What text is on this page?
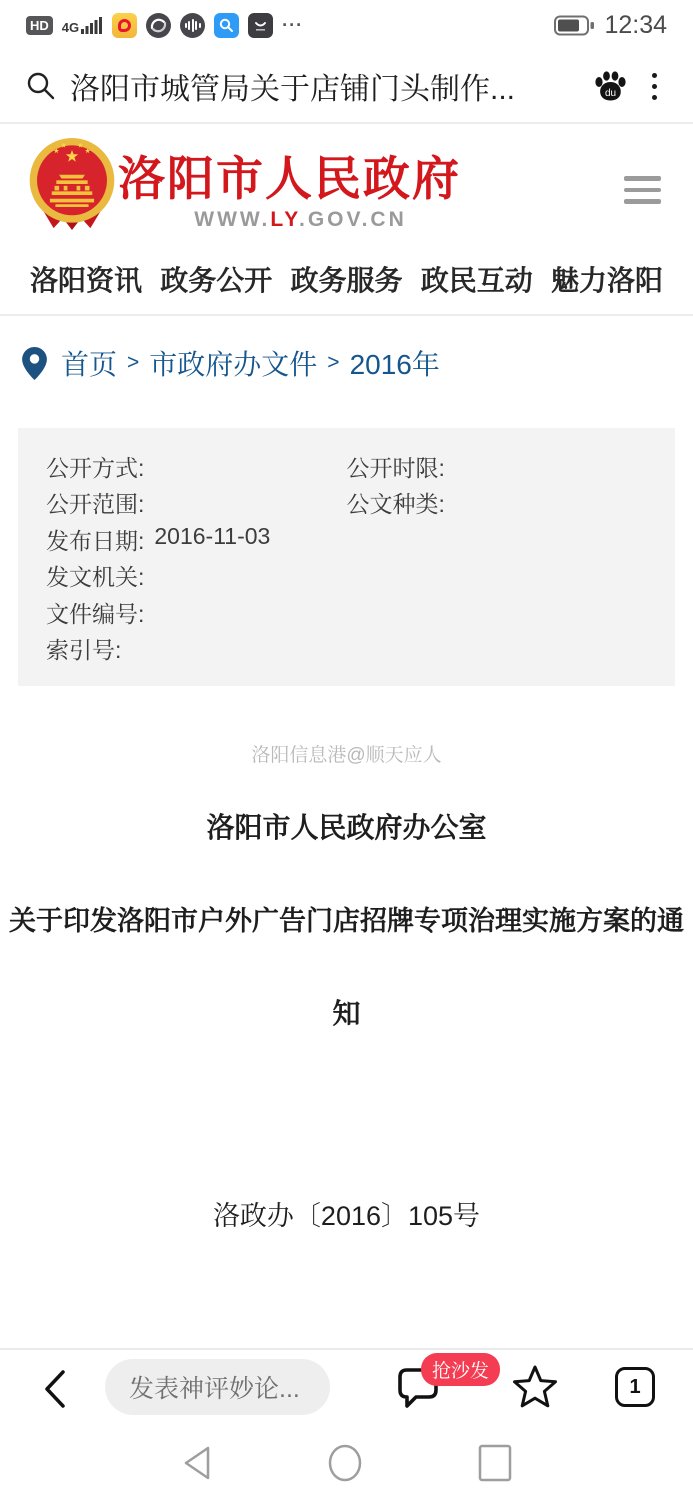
HD	4G	···	12:34
洛阳市城管局关于店铺门头制作...	du
洛阳市人民政府
WWW.LY.GOV.CN
洛阳资讯 政务公开 政务服务 政民互动 魅力洛阳
首页 > 市政府办文件 > 2016年
公开方式:	公开时限:
公开范围:	公文种类:
发布日期: 2016-11-03
发文机关:
文件编号:
索引号:
洛阳信息港@顺天应人
洛阳市人民政府办公室
关于印发洛阳市户外广告门店招牌专项治理实施方案的通
知
洛政办〔2016〕105号
发表神评妙论...
抢沙发
1
